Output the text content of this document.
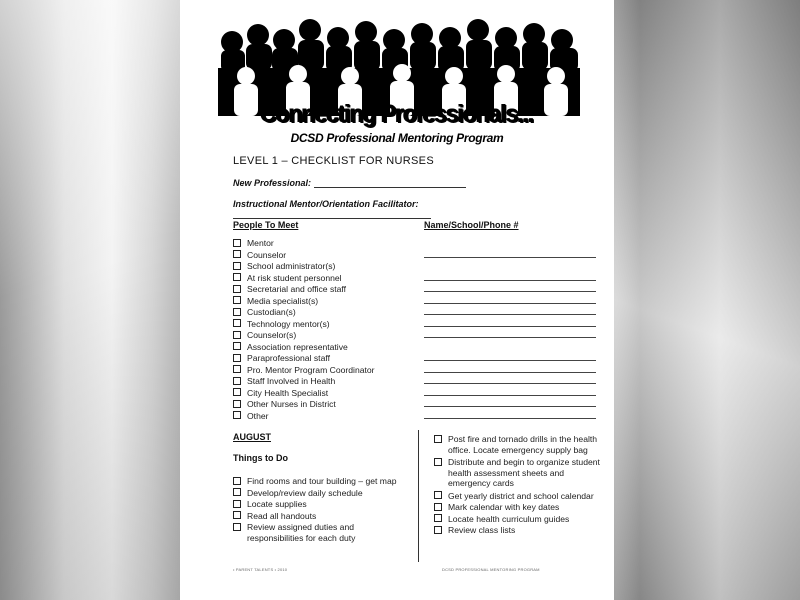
Connecting Professionals...
DCSD Professional Mentoring Program
LEVEL 1 – CHECKLIST FOR NURSES
New Professional:
Instructional Mentor/Orientation Facilitator:
People To Meet	Name/School/Phone #
Mentor
Counselor
School administrator(s)
At risk student personnel
Secretarial and office staff
Media specialist(s)
Custodian(s)
Technology mentor(s)
Counselor(s)
Association representative
Paraprofessional staff
Pro. Mentor Program Coordinator
Staff Involved in Health
City Health Specialist
Other Nurses in District
Other
AUGUST
Things to Do
Find rooms and tour building – get map
Develop/review daily schedule
Locate supplies
Read all handouts
Review assigned duties and responsibilities for each duty
Post fire and tornado drills in the health office. Locate emergency supply bag
Distribute and begin to organize student health assessment sheets and emergency cards
Get yearly district and school calendar
Mark calendar with key dates
Locate health curriculum guides
Review class lists
• PARENT TALENTS • 2010	DCSD PROFESSIONAL MENTORING PROGRAM
